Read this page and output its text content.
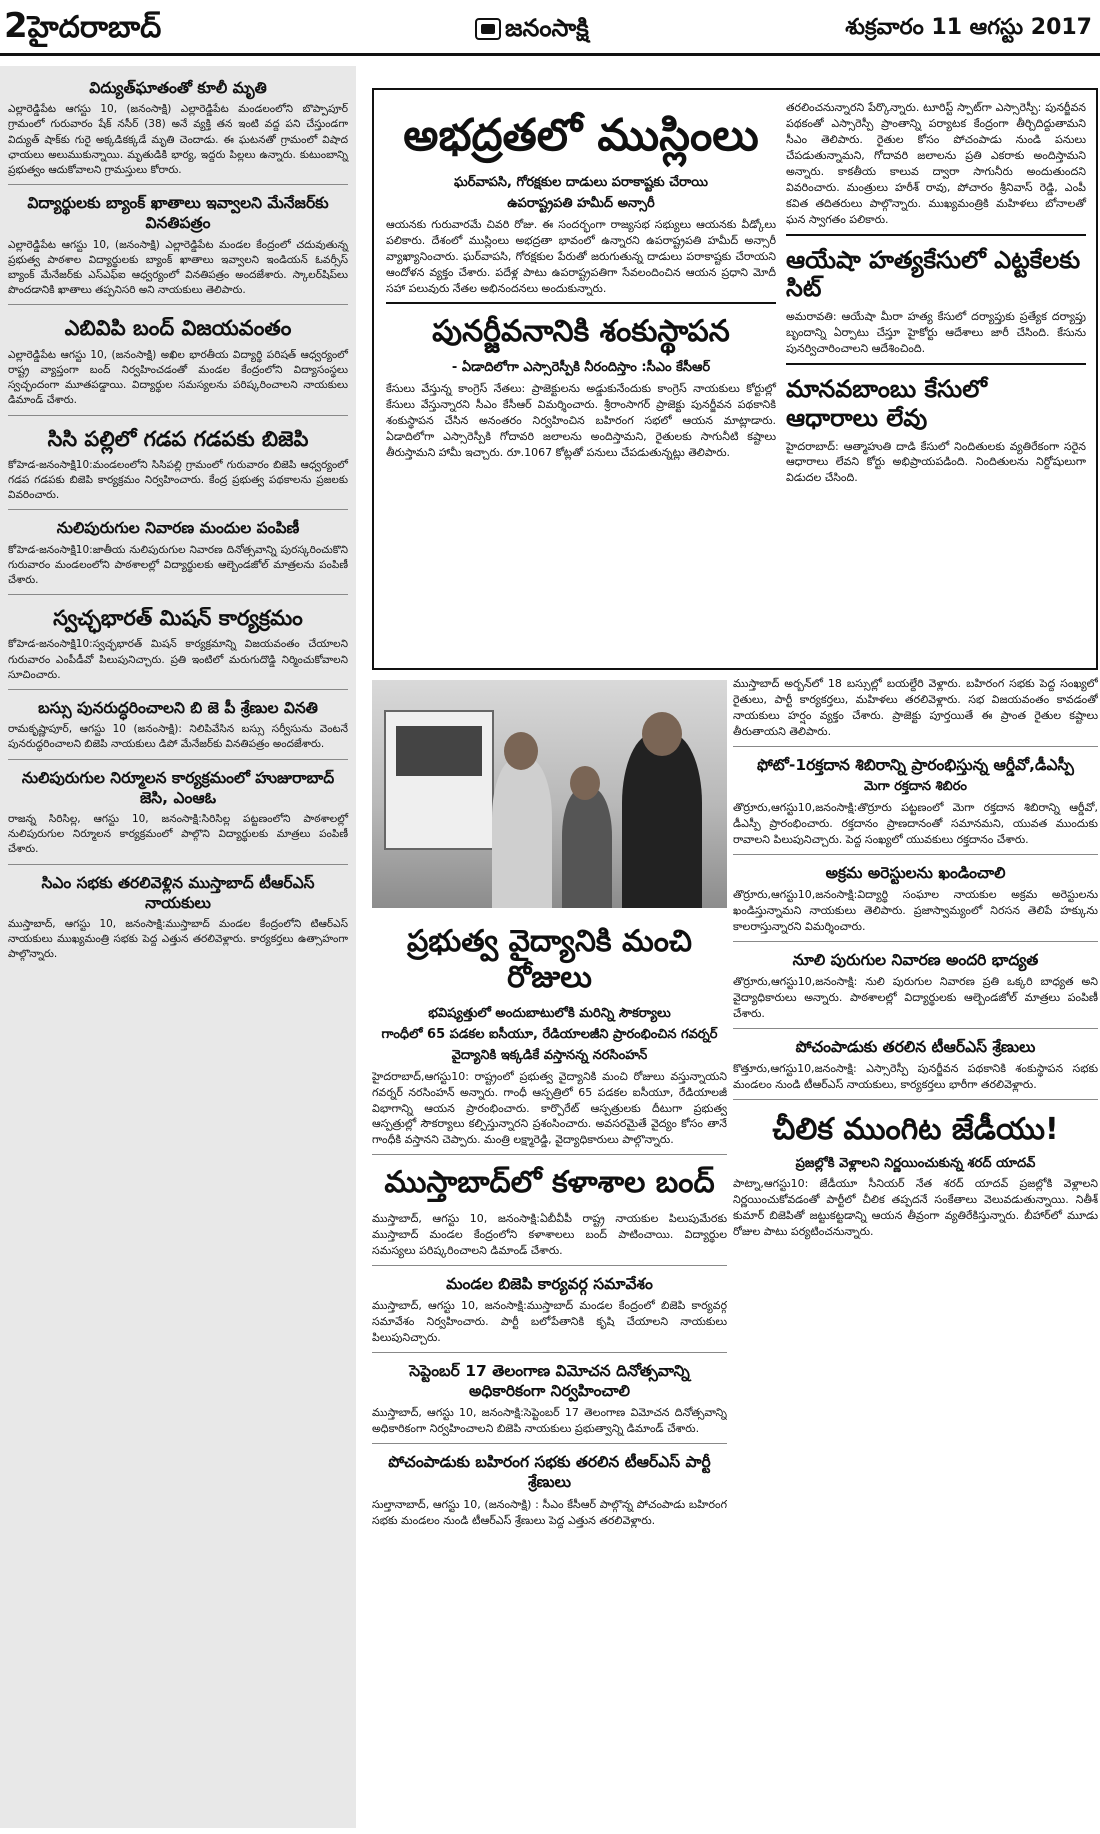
2హైదరాబాద్	జనంసాక్షి	శుక్రవారం 11 ఆగస్టు 2017
విద్యుత్‌ఘాతంతో కూలీ మృతి
ఎల్లారెడ్డిపేట ఆగస్టు 10, (జనంసాక్షి) ఎల్లారెడ్డిపేట మండలంలోని బొప్పాపూర్ గ్రామంలో గురువారం షేక్ నసీర్ (38) అనే వ్యక్తి తన ఇంటి వద్ద పని చేస్తుండగా విద్యుత్ షాక్‌కు గురై అక్కడికక్కడే మృతి చెందాడు. ఈ ఘటనతో గ్రామంలో విషాద ఛాయలు అలుముకున్నాయి. మృతుడికి భార్య, ఇద్దరు పిల్లలు ఉన్నారు. కుటుంబాన్ని ప్రభుత్వం ఆదుకోవాలని గ్రామస్తులు కోరారు.
విద్యార్థులకు బ్యాంక్‌ ఖాతాలు ఇవ్వాలని మేనేజర్‌కు వినతిపత్రం
ఎల్లారెడ్డిపేట ఆగస్టు 10, (జనంసాక్షి) ఎల్లారెడ్డిపేట మండల కేంద్రంలో చదువుతున్న ప్రభుత్వ పాఠశాల విద్యార్థులకు బ్యాంక్ ఖాతాలు ఇవ్వాలని ఇండియన్ ఓవర్సీస్ బ్యాంక్ మేనేజర్‌కు ఎస్ఎఫ్ఐ ఆధ్వర్యంలో వినతిపత్రం అందజేశారు. స్కాలర్‌షిప్‌లు పొందడానికి ఖాతాలు తప్పనిసరి అని నాయకులు తెలిపారు.
ఎబివిపి బంద్‌ విజయవంతం
ఎల్లారెడ్డిపేట ఆగస్టు 10, (జనంసాక్షి) అఖిల భారతీయ విద్యార్థి పరిషత్ ఆధ్వర్యంలో రాష్ట్ర వ్యాప్తంగా బంద్ నిర్వహించడంతో మండల కేంద్రంలోని విద్యాసంస్థలు స్వచ్ఛందంగా మూతపడ్డాయి. విద్యార్థుల సమస్యలను పరిష్కరించాలని నాయకులు డిమాండ్ చేశారు.
సిసి పల్లిలో గడప గడపకు బిజెపి
కోహెడ-జనంసాక్షి10:మండలంలోని సిసిపల్లి గ్రామంలో గురువారం బిజెపి ఆధ్వర్యంలో గడప గడపకు బిజెపి కార్యక్రమం నిర్వహించారు. కేంద్ర ప్రభుత్వ పథకాలను ప్రజలకు వివరించారు.
నులిపురుగుల నివారణ మందుల పంపిణీ
కోహెడ-జనంసాక్షి10:జాతీయ నులిపురుగుల నివారణ దినోత్సవాన్ని పురస్కరించుకొని గురువారం మండలంలోని పాఠశాలల్లో విద్యార్థులకు ఆల్బెండజోల్ మాత్రలను పంపిణీ చేశారు.
స్వచ్ఛభారత్‌ మిషన్‌ కార్యక్రమం
కోహెడ-జనంసాక్షి10:స్వచ్ఛభారత్ మిషన్ కార్యక్రమాన్ని విజయవంతం చేయాలని గురువారం ఎంపీడీవో పిలుపునిచ్చారు. ప్రతి ఇంటిలో మరుగుదొడ్డి నిర్మించుకోవాలని సూచించారు.
బస్సు పునరుద్ధరించాలని బి జె పీ శ్రేణుల వినతి
రామకృష్ణాపూర్, ఆగస్టు 10 (జనంసాక్షి): నిలిపివేసిన బస్సు సర్వీసును వెంటనే పునరుద్ధరించాలని బిజెపి నాయకులు డిపో మేనేజర్‌కు వినతిపత్రం అందజేశారు.
నులిపురుగుల నిర్మూలన కార్యక్రమంలో హుజురాబాద్ జెసి, ఎంఆఓ
రాజన్న సిరిసిల్ల, ఆగస్టు 10, జనంసాక్షి:సిరిసిల్ల పట్టణంలోని పాఠశాలల్లో నులిపురుగుల నిర్మూలన కార్యక్రమంలో పాల్గొని విద్యార్థులకు మాత్రలు పంపిణీ చేశారు.
సిఎం సభకు తరలివెళ్లిన ముస్తాబాద్ టీఆర్ఎస్ నాయకులు
ముస్తాబాద్, ఆగస్టు 10, జనంసాక్షి:ముస్తాబాద్ మండల కేంద్రంలోని టిఆర్ఎస్ నాయకులు ముఖ్యమంత్రి సభకు పెద్ద ఎత్తున తరలివెళ్లారు. కార్యకర్తలు ఉత్సాహంగా పాల్గొన్నారు.
అభద్రతలో ముస్లింలు
ఘర్‌వాపసి, గోరక్షకుల దాడులు పరాకాష్టకు చేరాయి
ఉపరాష్ట్రపతి హమీద్‌ అన్సారీ
ఆయనకు గురువారమే చివరి రోజు. ఈ సందర్భంగా రాజ్యసభ సభ్యులు ఆయనకు వీడ్కోలు పలికారు. దేశంలో ముస్లింలు అభద్రతా భావంలో ఉన్నారని ఉపరాష్ట్రపతి హమీద్ అన్సారీ వ్యాఖ్యానించారు. ఘర్‌వాపసి, గోరక్షకుల పేరుతో జరుగుతున్న దాడులు పరాకాష్టకు చేరాయని ఆందోళన వ్యక్తం చేశారు. పదేళ్ల పాటు ఉపరాష్ట్రపతిగా సేవలందించిన ఆయన ప్రధాని మోదీ సహా పలువురు నేతల అభినందనలు అందుకున్నారు.
పునర్జీవనానికి శంకుస్థాపన
- ఏడాదిలోగా ఎస్సారెస్పీకి నీరందిస్తాం :సీఎం కేసీఆర్‌
కేసులు వేస్తున్న కాంగ్రెస్‌ నేతలు: ప్రాజెక్టులను అడ్డుకునేందుకు కాంగ్రెస్ నాయకులు కోర్టుల్లో కేసులు వేస్తున్నారని సీఎం కేసీఆర్ విమర్శించారు. శ్రీరాంసాగర్ ప్రాజెక్టు పునర్జీవన పథకానికి శంకుస్థాపన చేసిన అనంతరం నిర్వహించిన బహిరంగ సభలో ఆయన మాట్లాడారు. ఏడాదిలోగా ఎస్సారెస్పీకి గోదావరి జలాలను అందిస్తామని, రైతులకు సాగునీటి కష్టాలు తీరుస్తామని హామీ ఇచ్చారు. రూ.1067 కోట్లతో పనులు చేపడుతున్నట్లు తెలిపారు.
తరలించనున్నారని పేర్కొన్నారు. టూరిస్ట్ స్పాట్‌గా ఎస్సారెస్పీ: పునర్జీవన పథకంతో ఎస్సారెస్పీ ప్రాంతాన్ని పర్యాటక కేంద్రంగా తీర్చిదిద్దుతామని సీఎం తెలిపారు. రైతుల కోసం పోచంపాడు నుండి పనులు చేపడుతున్నామని, గోదావరి జలాలను ప్రతి ఎకరాకు అందిస్తామని అన్నారు. కాకతీయ కాలువ ద్వారా సాగునీరు అందుతుందని వివరించారు. మంత్రులు హరీశ్ రావు, పోచారం శ్రీనివాస్ రెడ్డి, ఎంపీ కవిత తదితరులు పాల్గొన్నారు. ముఖ్యమంత్రికి మహిళలు బోనాలతో ఘన స్వాగతం పలికారు.
ఆయేషా హత్యకేసులో ఎట్టకేలకు సిట్‌
అమరావతి: ఆయేషా మీరా హత్య కేసులో దర్యాప్తుకు ప్రత్యేక దర్యాప్తు బృందాన్ని ఏర్పాటు చేస్తూ హైకోర్టు ఆదేశాలు జారీ చేసింది. కేసును పునర్విచారించాలని ఆదేశించింది.
మానవబాంబు కేసులో ఆధారాలు లేవు
హైదరాబాద్: ఆత్మాహుతి దాడి కేసులో నిందితులకు వ్యతిరేకంగా సరైన ఆధారాలు లేవని కోర్టు అభిప్రాయపడింది. నిందితులను నిర్దోషులుగా విడుదల చేసింది.
ప్రభుత్వ వైద్యానికి మంచి రోజులు
భవిష్యత్తులో అందుబాటులోకి మరిన్ని సౌకర్యాలు
గాంధీలో 65 పడకల ఐసీయూ, రేడియాలజీని ప్రారంభించిన గవర్నర్‌
వైద్యానికి ఇక్కడికే వస్తానన్న నరసింహన్
హైదరాబాద్,ఆగస్టు10: రాష్ట్రంలో ప్రభుత్వ వైద్యానికి మంచి రోజులు వస్తున్నాయని గవర్నర్ నరసింహన్ అన్నారు. గాంధీ ఆస్పత్రిలో 65 పడకల ఐసీయూ, రేడియాలజీ విభాగాన్ని ఆయన ప్రారంభించారు. కార్పొరేట్ ఆస్పత్రులకు దీటుగా ప్రభుత్వ ఆస్పత్రుల్లో సౌకర్యాలు కల్పిస్తున్నారని ప్రశంసించారు. అవసరమైతే వైద్యం కోసం తానే గాంధీకి వస్తానని చెప్పారు. మంత్రి లక్ష్మారెడ్డి, వైద్యాధికారులు పాల్గొన్నారు.
ముస్తాబాద్‌లో కళాశాల బంద్‌
ముస్తాబాద్, ఆగస్టు 10, జనంసాక్షి:ఏబీవీపీ రాష్ట్ర నాయకుల పిలుపుమేరకు ముస్తాబాద్ మండల కేంద్రంలోని కళాశాలలు బంద్ పాటించాయి. విద్యార్థుల సమస్యలు పరిష్కరించాలని డిమాండ్ చేశారు.
మండల బిజెపి కార్యవర్గ సమావేశం
ముస్తాబాద్, ఆగస్టు 10, జనంసాక్షి:ముస్తాబాద్ మండల కేంద్రంలో బిజెపి కార్యవర్గ సమావేశం నిర్వహించారు. పార్టీ బలోపేతానికి కృషి చేయాలని నాయకులు పిలుపునిచ్చారు.
సెప్టెంబర్ 17 తెలంగాణ విమోచన దినోత్సవాన్ని అధికారికంగా నిర్వహించాలి
ముస్తాబాద్, ఆగస్టు 10, జనంసాక్షి:సెప్టెంబర్ 17 తెలంగాణ విమోచన దినోత్సవాన్ని అధికారికంగా నిర్వహించాలని బిజెపి నాయకులు ప్రభుత్వాన్ని డిమాండ్ చేశారు.
పోచంపాడుకు బహిరంగ సభకు తరలిన టీఆర్‌ఎస్‌ పార్టీ శ్రేణులు
సుల్తానాబాద్, ఆగస్టు 10, (జనంసాక్షి) : సీఎం కేసీఆర్ పాల్గొన్న పోచంపాడు బహిరంగ సభకు మండలం నుండి టీఆర్ఎస్ శ్రేణులు పెద్ద ఎత్తున తరలివెళ్లారు.
ముస్తాబాద్ అర్బన్‌లో 18 బస్సుల్లో బయల్దేరి వెళ్లారు. బహిరంగ సభకు పెద్ద సంఖ్యలో రైతులు, పార్టీ కార్యకర్తలు, మహిళలు తరలివెళ్లారు. సభ విజయవంతం కావడంతో నాయకులు హర్షం వ్యక్తం చేశారు. ప్రాజెక్టు పూర్తయితే ఈ ప్రాంత రైతుల కష్టాలు తీరుతాయని తెలిపారు.
ఫోటో-1రక్తదాన శిబిరాన్ని ప్రారంభిస్తున్న ఆర్డీవో,డీఎస్పీ
మెగా రక్తదాన శిబిరం
తొర్రూరు,ఆగస్టు10,జనంసాక్షి:తొర్రూరు పట్టణంలో మెగా రక్తదాన శిబిరాన్ని ఆర్డీవో, డీఎస్పీ ప్రారంభించారు. రక్తదానం ప్రాణదానంతో సమానమని, యువత ముందుకు రావాలని పిలుపునిచ్చారు. పెద్ద సంఖ్యలో యువకులు రక్తదానం చేశారు.
అక్రమ అరెస్టులను ఖండించాలి
తొర్రూరు,ఆగస్టు10,జనంసాక్షి:విద్యార్థి సంఘాల నాయకుల అక్రమ అరెస్టులను ఖండిస్తున్నామని నాయకులు తెలిపారు. ప్రజాస్వామ్యంలో నిరసన తెలిపే హక్కును కాలరాస్తున్నారని విమర్శించారు.
నూలి పురుగుల నివారణ అందరి భాద్యత
తొర్రూరు,ఆగస్టు10,జనంసాక్షి: నులి పురుగుల నివారణ ప్రతి ఒక్కరి బాధ్యత అని వైద్యాధికారులు అన్నారు. పాఠశాలల్లో విద్యార్థులకు ఆల్బెండజోల్ మాత్రలు పంపిణీ చేశారు.
పోచంపాడుకు తరలిన టీఆర్‌ఎస్‌ శ్రేణులు
కొత్తూరు,ఆగస్టు10,జనంసాక్షి: ఎస్సారెస్పీ పునర్జీవన పథకానికి శంకుస్థాపన సభకు మండలం నుండి టీఆర్ఎస్ నాయకులు, కార్యకర్తలు భారీగా తరలివెళ్లారు.
చీలిక ముంగిట జేడీయు!
ప్రజల్లోకి వెళ్లాలని నిర్ణయించుకున్న శరద్‌ యాదవ్‌
పాట్నా,ఆగస్టు10: జేడీయూ సీనియర్ నేత శరద్ యాదవ్ ప్రజల్లోకి వెళ్లాలని నిర్ణయించుకోవడంతో పార్టీలో చీలిక తప్పదనే సంకేతాలు వెలువడుతున్నాయి. నితీశ్ కుమార్ బిజెపితో జట్టుకట్టడాన్ని ఆయన తీవ్రంగా వ్యతిరేకిస్తున్నారు. బీహార్‌లో మూడు రోజుల పాటు పర్యటించనున్నారు.
